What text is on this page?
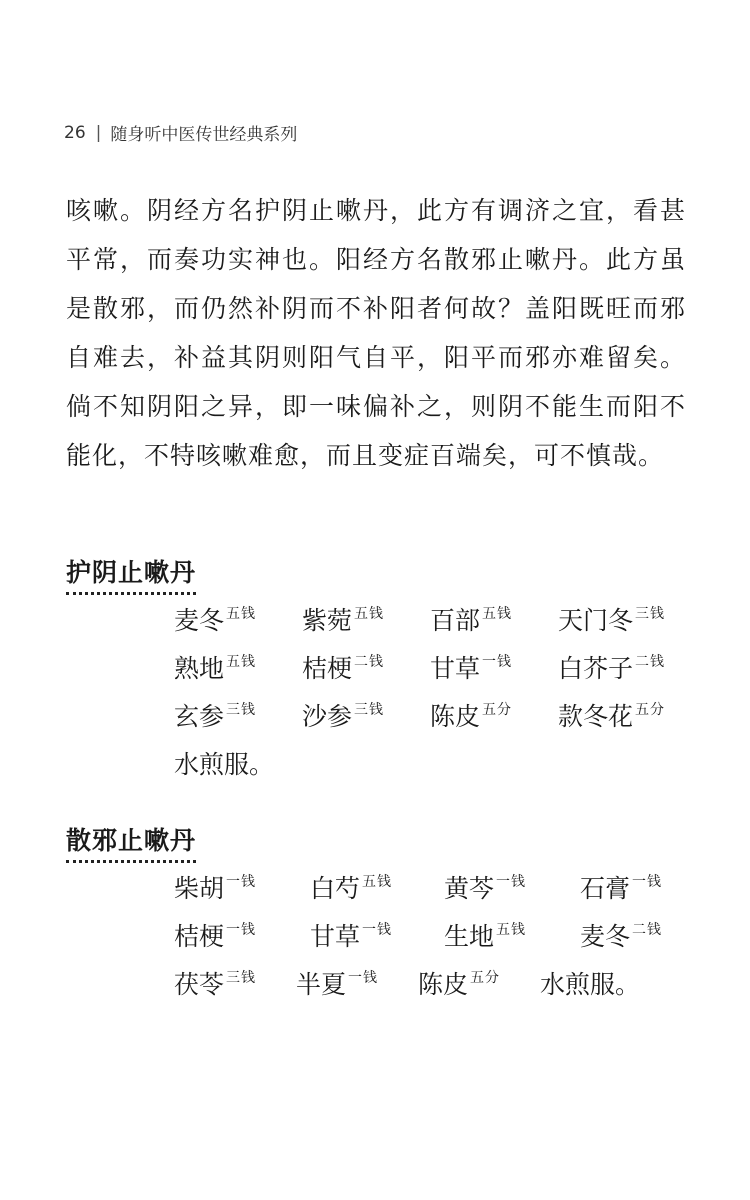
26 | 随身听中医传世经典系列
咳嗽。阴经方名护阴止嗽丹，此方有调济之宜，看甚平常，而奏功实神也。阳经方名散邪止嗽丹。此方虽是散邪，而仍然补阴而不补阳者何故？盖阳既旺而邪自难去，补益其阴则阳气自平，阳平而邪亦难留矣。倘不知阴阳之异，即一味偏补之，则阴不能生而阳不能化，不特咳嗽难愈，而且变症百端矣，可不慎哉。
护阴止嗽丹
麦冬 五钱 紫菀 五钱 百部 五钱 天门冬 三钱
熟地 五钱 桔梗 二钱 甘草 一钱 白芥子 二钱
玄参 三钱 沙参 三钱 陈皮 五分 款冬花 五分
水煎服。
散邪止嗽丹
柴胡 一钱 白芍 五钱 黄芩 一钱 石膏 一钱
桔梗 一钱 甘草 一钱 生地 五钱 麦冬 二钱
茯苓 三钱 半夏 一钱 陈皮 五分 水煎服。
